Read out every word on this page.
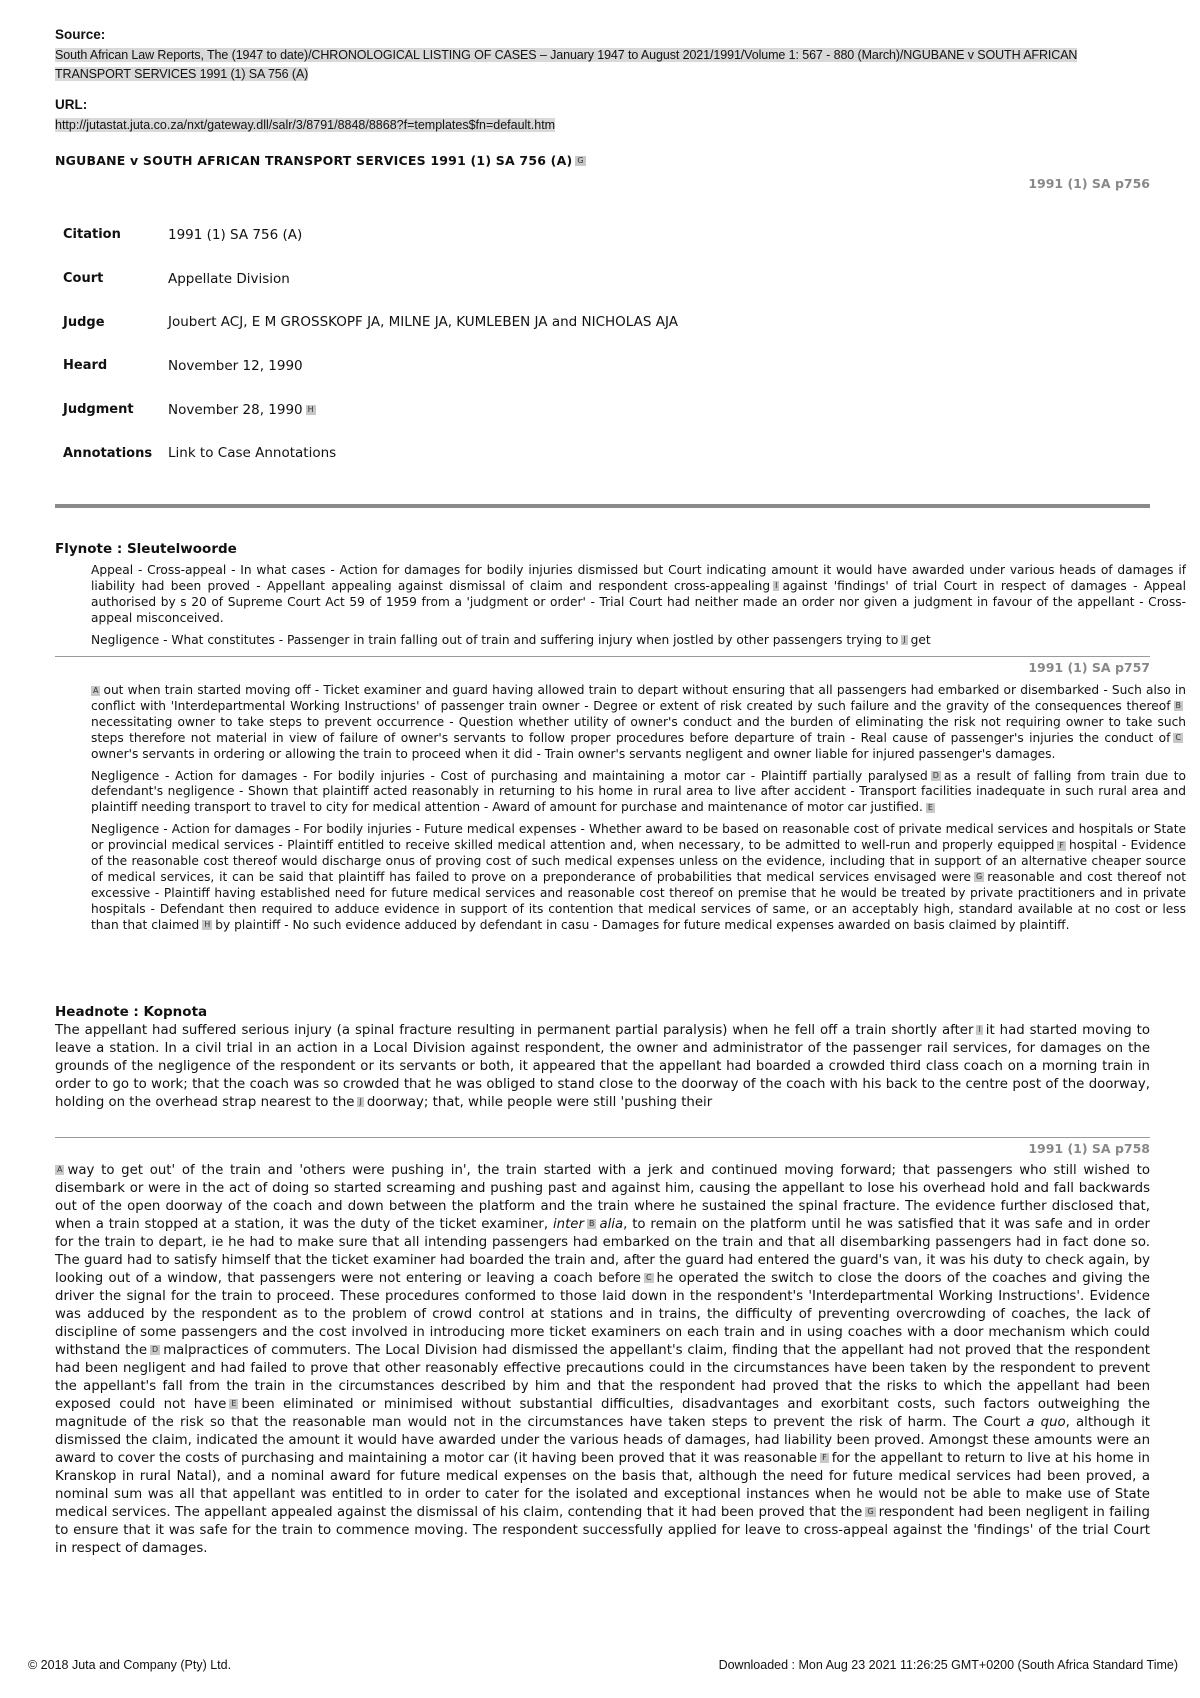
Source:
South African Law Reports, The (1947 to date)/CHRONOLOGICAL LISTING OF CASES – January 1947 to August 2021/1991/Volume 1: 567 - 880 (March)/NGUBANE v SOUTH AFRICAN TRANSPORT SERVICES 1991 (1) SA 756 (A)
URL:
http://jutastat.juta.co.za/nxt/gateway.dll/salr/3/8791/8848/8868?f=templates$fn=default.htm
NGUBANE v SOUTH AFRICAN TRANSPORT SERVICES 1991 (1) SA 756 (A) G
1991 (1) SA p756
Citation	1991 (1) SA 756 (A)
Court	Appellate Division
Judge	Joubert ACJ, E M GROSSKOPF JA, MILNE JA, KUMLEBEN JA and NICHOLAS AJA
Heard	November 12, 1990
Judgment	November 28, 1990 H
Annotations	Link to Case Annotations
Flynote : Sleutelwoorde

Appeal - Cross-appeal - In what cases - Action for damages for bodily injuries dismissed but Court indicating amount it would have awarded under various heads of damages if liability had been proved - Appellant appealing against dismissal of claim and respondent cross-appealing I against 'findings' of trial Court in respect of damages - Appeal authorised by s 20 of Supreme Court Act 59 of 1959 from a 'judgment or order' - Trial Court had neither made an order nor given a judgment in favour of the appellant - Cross-appeal misconceived.

Negligence - What constitutes - Passenger in train falling out of train and suffering injury when jostled by other passengers trying to J get

1991 (1) SA p757

A out when train started moving off - Ticket examiner and guard having allowed train to depart without ensuring that all passengers had embarked or disembarked - Such also in conflict with 'Interdepartmental Working Instructions' of passenger train owner - Degree or extent of risk created by such failure and the gravity of the consequences thereof Bnecessitating owner to take steps to prevent occurrence - Question whether utility of owner's conduct and the burden of eliminating the risk not requiring owner to take such steps therefore not material in view of failure of owner's servants to follow proper procedures before departure of train - Real cause of passenger's injuries the conduct of Cowner's servants in ordering or allowing the train to proceed when it did - Train owner's servants negligent and owner liable for injured passenger's damages.

Negligence - Action for damages - For bodily injuries - Cost of purchasing and maintaining a motor car - Plaintiff partially paralysed D as a result of falling from train due to defendant's negligence - Shown that plaintiff acted reasonably in returning to his home in rural area to live after accident - Transport facilities inadequate in such rural area and plaintiff needing transport to travel to city for medical attention - Award of amount for purchase and maintenance of motor car justified. E

Negligence - Action for damages - For bodily injuries - Future medical expenses - Whether award to be based on reasonable cost of private medical services and hospitals or State or provincial medical services - Plaintiff entitled to receive skilled medical attention and, when necessary, to be admitted to well-run and properly equipped F hospital - Evidence of the reasonable cost thereof would discharge onus of proving cost of such medical expenses unless on the evidence, including that in support of an alternative cheaper source of medical services, it can be said that plaintiff has failed to prove on a preponderance of probabilities that medical services envisaged were G reasonable and cost thereof not excessive - Plaintiff having established need for future medical services and reasonable cost thereof on premise that he would be treated by private practitioners and in private hospitals - Defendant then required to adduce evidence in support of its contention that medical services of same, or an acceptably high, standard available at no cost or less than that claimed H by plaintiff - No such evidence adduced by defendant in casu - Damages for future medical expenses awarded on basis claimed by plaintiff.

Headnote : Kopnota
The appellant had suffered serious injury (a spinal fracture resulting in permanent partial paralysis) when he fell off a train shortly after I it had started moving to leave a station. In a civil trial in an action in a Local Division against respondent, the owner and administrator of the passenger rail services, for damages on the grounds of the negligence of the respondent or its servants or both, it appeared that the appellant had boarded a crowded third class coach on a morning train in order to go to work; that the coach was so crowded that he was obliged to stand close to the doorway of the coach with his back to the centre post of the doorway, holding on the overhead strap nearest to the J doorway; that, while people were still 'pushing their
1991 (1) SA p758
A way to get out' of the train and 'others were pushing in', the train started with a jerk and continued moving forward; that passengers who still wished to disembark or were in the act of doing so started screaming and pushing past and against him, causing the appellant to lose his overhead hold and fall backwards out of the open doorway of the coach and down between the platform and the train where he sustained the spinal fracture. The evidence further disclosed that, when a train stopped at a station, it was the duty of the ticket examiner, inter B alia, to remain on the platform until he was satisfied that it was safe and in order for the train to depart, ie he had to make sure that all intending passengers had embarked on the train and that all disembarking passengers had in fact done so. The guard had to satisfy himself that the ticket examiner had boarded the train and, after the guard had entered the guard's van, it was his duty to check again, by looking out of a window, that passengers were not entering or leaving a coach before C he operated the switch to close the doors of the coaches and giving the driver the signal for the train to proceed. These procedures conformed to those laid down in the respondent's 'Interdepartmental Working Instructions'. Evidence was adduced by the respondent as to the problem of crowd control at stations and in trains, the difficulty of preventing overcrowding of coaches, the lack of discipline of some passengers and the cost involved in introducing more ticket examiners on each train and in using coaches with a door mechanism which could withstand the D malpractices of commuters. The Local Division had dismissed the appellant's claim, finding that the appellant had not proved that the respondent had been negligent and had failed to prove that other reasonably effective precautions could in the circumstances have been taken by the respondent to prevent the appellant's fall from the train in the circumstances described by him and that the respondent had proved that the risks to which the appellant had been exposed could not have E been eliminated or minimised without substantial difficulties, disadvantages and exorbitant costs, such factors outweighing the magnitude of the risk so that the reasonable man would not in the circumstances have taken steps to prevent the risk of harm. The Court a quo, although it dismissed the claim, indicated the amount it would have awarded under the various heads of damages, had liability been proved. Amongst these amounts were an award to cover the costs of purchasing and maintaining a motor car (it having been proved that it was reasonable F for the appellant to return to live at his home in Kranskop in rural Natal), and a nominal award for future medical expenses on the basis that, although the need for future medical services had been proved, a nominal sum was all that appellant was entitled to in order to cater for the isolated and exceptional instances when he would not be able to make use of State medical services. The appellant appealed against the dismissal of his claim, contending that it had been proved that the G respondent had been negligent in failing to ensure that it was safe for the train to commence moving. The respondent successfully applied for leave to cross-appeal against the 'findings' of the trial Court in respect of damages.
© 2018 Juta and Company (Pty) Ltd.	Downloaded : Mon Aug 23 2021 11:26:25 GMT+0200 (South Africa Standard Time)
